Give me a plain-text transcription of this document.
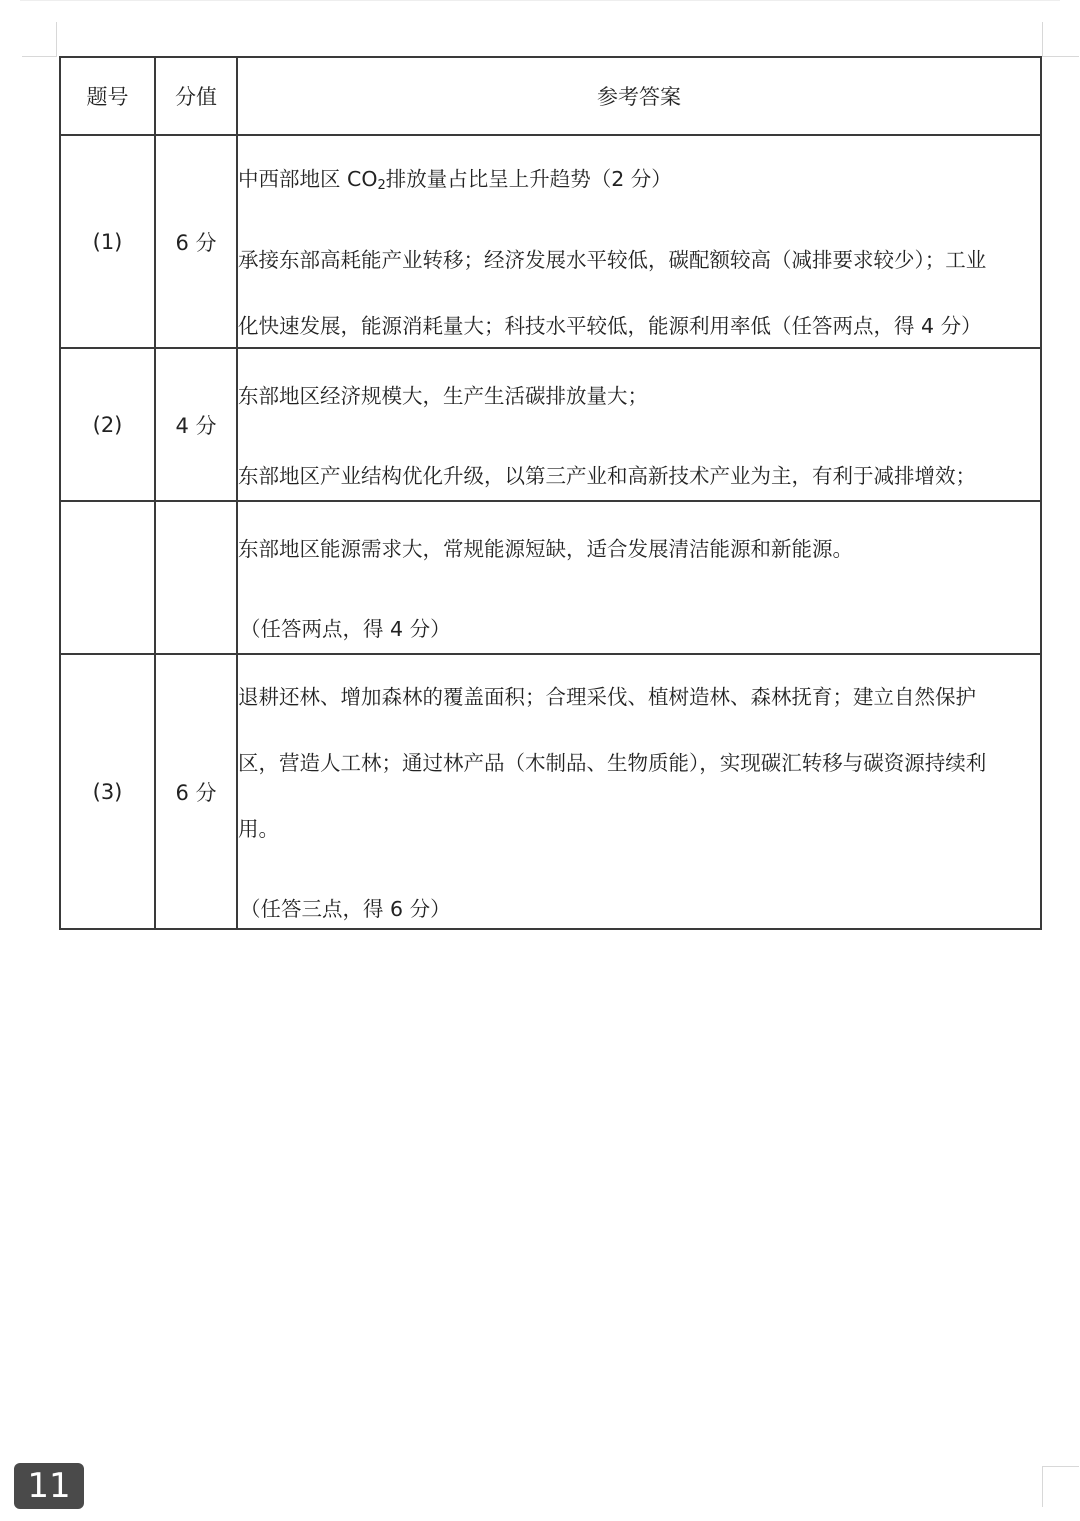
题号	分值	参考答案
(1)	6 分	中西部地区 $CO_2$排放量占比呈上升趋势（2 分）
承接东部高耗能产业转移；经济发展水平较低，碳配额较高（减排要求较少）；工业
化快速发展，能源消耗量大；科技水平较低，能源利用率低（任答两点，得 4 分）

(2)	4 分	东部地区经济规模大，生产生活碳排放量大；
东部地区产业结构优化升级，以第三产业和高新技术产业为主，有利于减排增效；

		东部地区能源需求大，常规能源短缺，适合发展清洁能源和新能源。
（任答两点，得 4 分）

(3)	6 分	退耕还林、增加森林的覆盖面积；合理采伐、植树造林、森林抚育；建立自然保护
区，营造人工林；通过林产品（木制品、生物质能），实现碳汇转移与碳资源持续利
用。
（任答三点，得 6 分）
11
